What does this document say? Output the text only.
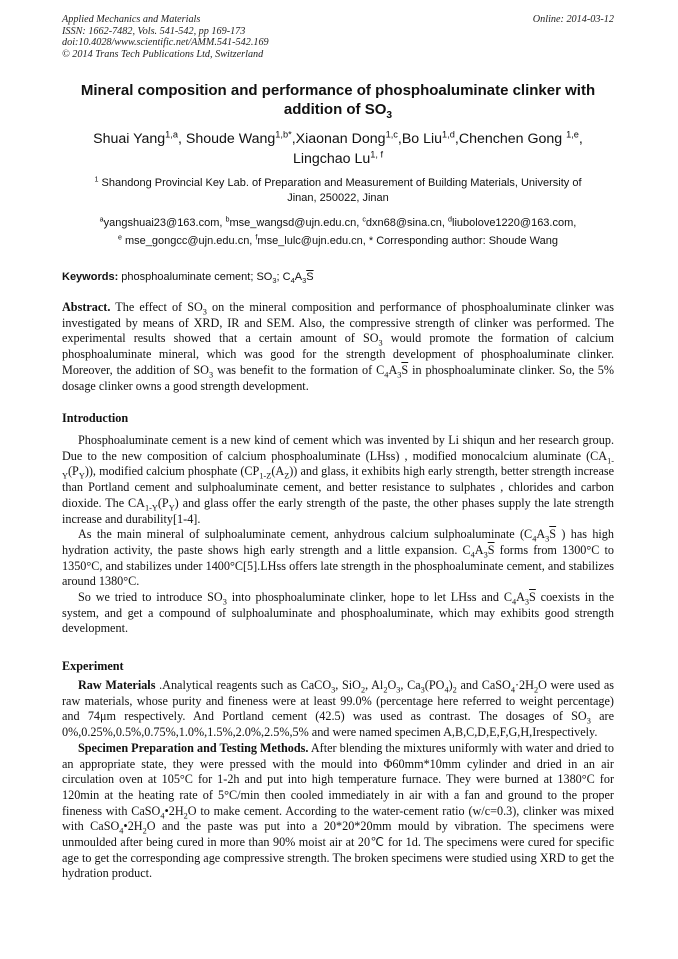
Applied Mechanics and Materials
ISSN: 1662-7482, Vols. 541-542, pp 169-173
doi:10.4028/www.scientific.net/AMM.541-542.169
© 2014 Trans Tech Publications Ltd, Switzerland
Online: 2014-03-12
Mineral composition and performance of phosphoaluminate clinker with
addition of $SO_3$
Shuai Yang$^{1,a}$, Shoude Wang$^{1,b*}$,Xiaonan Dong$^{1,c}$,Bo Liu$^{1,d}$,Chenchen Gong $^{1,e}$,
Lingchao Lu$^{1, f}$
$^1$ Shandong Provincial Key Lab. of Preparation and Measurement of Building Materials, University of
Jinan, 250022, Jinan
$^a$yangshuai23@163.com, $^b$mse_wangsd@ujn.edu.cn, $^c$dxn68@sina.cn, $^d$liubolove1220@163.com,
$^e$ mse_gongcc@ujn.edu.cn, $^f$mse_lulc@ujn.edu.cn, * Corresponding author: Shoude Wang
Keywords: phosphoaluminate cement; $SO_3$; $C_4A_3\overline{S}$

Abstract. The effect of $SO_3$ on the mineral composition and performance of phosphoaluminate clinker was investigated by means of XRD, IR and SEM. Also, the compressive strength of clinker was performed. The experimental results showed that a certain amount of $SO_3$ would promote the formation of calcium phosphoaluminate mineral, which was good for the strength development of phosphoaluminate clinker. Moreover, the addition of $SO_3$ was benefit to the formation of $C_4A_3\overline{S}$ in phosphoaluminate clinker. So, the 5% dosage clinker owns a good strength development.

Introduction

Phosphoaluminate cement is a new kind of cement which was invented by Li shiqun and her research group. Due to the new composition of calcium phosphoaluminate (LHss) , modified monocalcium aluminate $(CA_{1-Y}(P_Y))$, modified calcium phosphate $(CP_{1-Z}(A_Z))$ and glass, it exhibits high early strength, better strength increase than Portland cement and sulphoaluminate cement, and better resistance to sulphates , chlorides and carbon dioxide. The $CA_{1-Y}(P_Y)$ and glass offer the early strength of the paste, the other phases supply the late strength increase and durability[1-4].

As the main mineral of sulphoaluminate cement, anhydrous calcium sulphoaluminate ($C_4A_3\overline{S}$ ) has high hydration activity, the paste shows high early strength and a little expansion. $C_4A_3\overline{S}$ forms from 1300°C to 1350°C, and stabilizes under 1400°C[5].LHss offers late strength in the phosphoaluminate cement, and stabilizes around 1380°C.

So we tried to introduce $SO_3$ into phosphoaluminate clinker, hope to let LHss and $C_4A_3\overline{S}$ coexists in the system, and get a compound of sulphoaluminate and phosphoaluminate, which may exhibits good strength development.

Experiment

Raw Materials .Analytical reagents such as CaCO$_3$, SiO$_2$, $Al_2O_3$, $Ca_3(PO_4)_2$ and $CaSO_4\cdot 2H_2O$ were used as raw materials, whose purity and fineness were at least 99.0% (percentage here referred to weight percentage) and 74μm respectively. And Portland cement (42.5) was used as contrast. The dosages of $SO_3$ are 0%,0.25%,0.5%,0.75%,1.0%,1.5%,2.0%,2.5%,5% and were named specimen A,B,C,D,E,F,G,H,Irespectively.

Specimen Preparation and Testing Methods. After blending the mixtures uniformly with water and dried to an appropriate state, they were pressed with the mould into Φ60mm*10mm cylinder and dried in an air circulation oven at 105°C for 1-2h and put into high temperature furnace. They were burned at 1380°C for 120min at the heating rate of 5°C/min then cooled immediately in air with a fan and ground to the proper fineness with $CaSO_4•2H_2O$ to make cement. According to the water-cement ratio (w/c=0.3), clinker was mixed with $CaSO_4•2H_2O$ and the paste was put into a 20*20*20mm mould by vibration. The specimens were unmoulded after being cured in more than 90% moist air at 20℃ for 1d. The specimens were cured for specific age to get the corresponding age compressive strength. The broken specimens were studied using XRD to get the hydration product.
